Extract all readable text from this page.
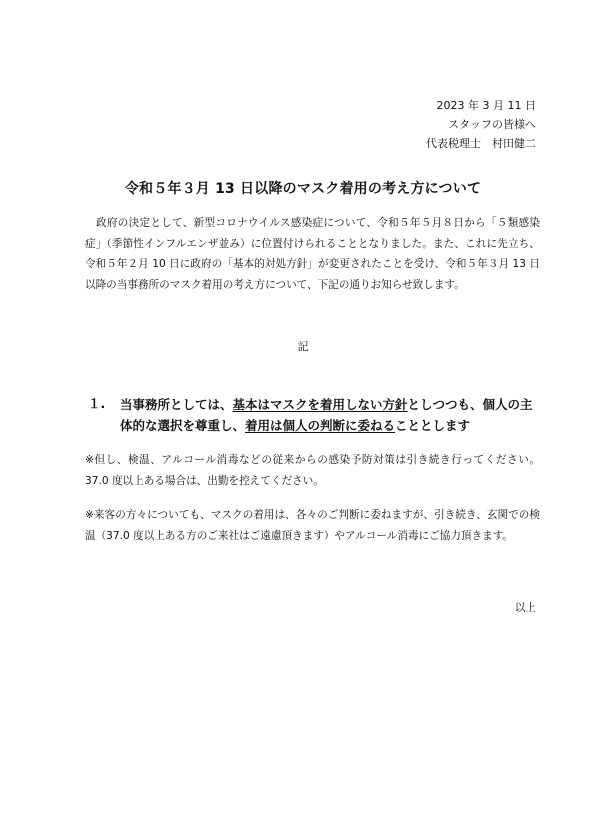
2023 年 3 月 11 日
スタッフの皆様へ
代表税理士　村田健二
令和５年３月 13 日以降のマスク着用の考え方について
政府の決定として、新型コロナウイルス感染症について、令和５年５月８日から「５類感染症」（季節性インフルエンザ並み）に位置付けられることとなりました。また、これに先立ち、令和５年２月 10 日に政府の「基本的対処方針」が変更されたことを受け、令和５年３月 13 日以降の当事務所のマスク着用の考え方について、下記の通りお知らせ致します。
記
１. 当事務所としては、基本はマスクを着用しない方針としつつも、個人の主体的な選択を尊重し、着用は個人の判断に委ねることとします
※但し、検温、アルコール消毒などの従来からの感染予防対策は引き続き行ってください。37.0 度以上ある場合は、出勤を控えてください。
※来客の方々についても、マスクの着用は、各々のご判断に委ねますが、引き続き、玄関での検温（37.0 度以上ある方のご来社はご遠慮頂きます）やアルコール消毒にご協力頂きます。
以上
